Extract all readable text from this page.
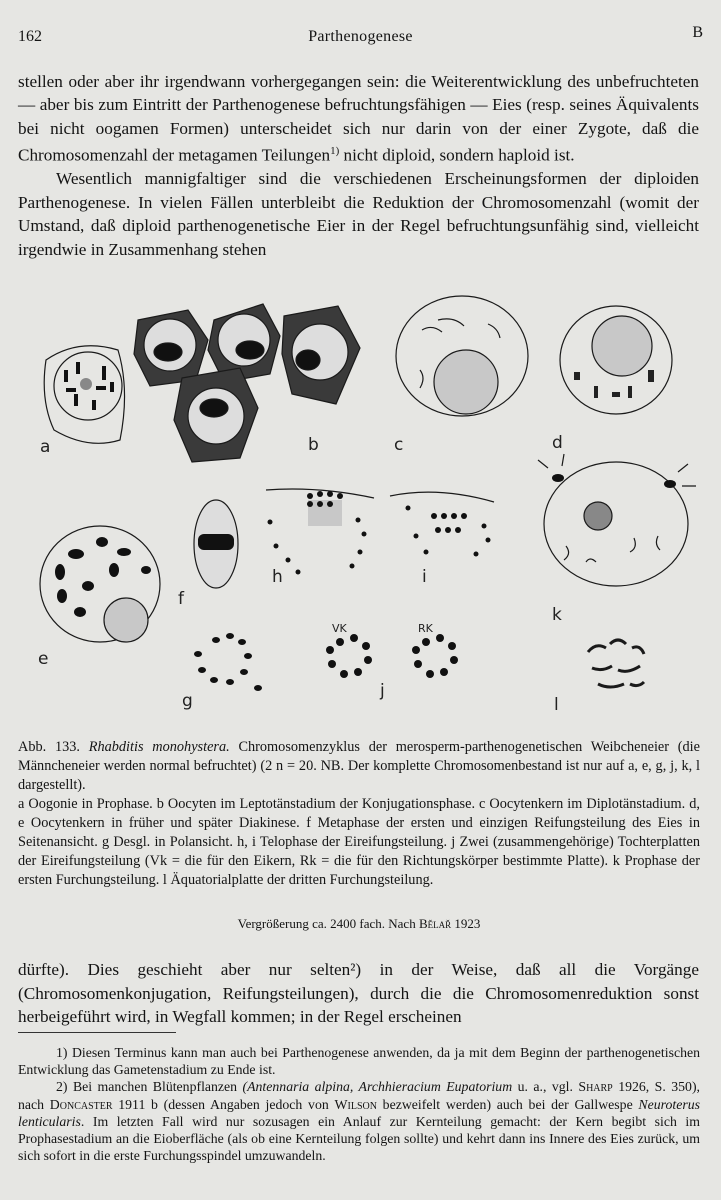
162	Parthenogenese	B

stellen oder aber ihr irgendwann vorhergegangen sein: die Weiterentwicklung des unbefruchteten — aber bis zum Eintritt der Parthenogenese befruchtungsfähigen — Eies (resp. seines Äquivalents bei nicht oogamen Formen) unterscheidet sich nur darin von der einer Zygote, daß die Chromosomenzahl der metagamen Teilungen$^{1)}$ nicht diploid, sondern haploid ist.

Wesentlich mannigfaltiger sind die verschiedenen Erscheinungsformen der diploiden Parthenogenese. In vielen Fällen unterbleibt die Reduktion der Chromosomenzahl (womit der Umstand, daß diploid parthenogenetische Eier in der Regel befruchtungsunfähig sind, vielleicht irgendwie in Zusammenhang stehen

a	b	c	d
e
f
g
h	i
j
k
l
VK	RK

Abb. 133. Rhabditis monohystera. Chromosomenzyklus der merosperm-parthenogenetischen Weibcheneier (die Männcheneier werden normal befruchtet) (2 n = 20. NB. Der komplette Chromosomenbestand ist nur auf a, e, g, j, k, l dargestellt).

a Oogonie in Prophase. b Oocyten im Leptotänstadium der Konjugationsphase. c Oocytenkern im Diplotänstadium. d, e Oocytenkern in früher und später Diakinese. f Metaphase der ersten und einzigen Reifungsteilung des Eies in Seitenansicht. g Desgl. in Polansicht. h, i Telophase der Eireifungsteilung. j Zwei (zusammengehörige) Tochterplatten der Eireifungsteilung (Vk = die für den Eikern, Rk = die für den Richtungskörper bestimmte Platte). k Prophase der ersten Furchungsteilung. l Äquatorialplatte der dritten Furchungsteilung.

Vergrößerung ca. 2400 fach. Nach Bělař 1923
dürfte). Dies geschieht aber nur selten²) in der Weise, daß all die Vorgänge (Chromosomenkonjugation, Reifungsteilungen), durch die die Chromosomenreduktion sonst herbeigeführt wird, in Wegfall kommen; in der Regel erscheinen

1) Diesen Terminus kann man auch bei Parthenogenese anwenden, da ja mit dem Beginn der parthenogenetischen Entwicklung das Gametenstadium zu Ende ist.

2) Bei manchen Blütenpflanzen (Antennaria alpina, Archhieracium Eupatorium u. a., vgl. Sharp 1926, S. 350), nach Doncaster 1911 b (dessen Angaben jedoch von Wilson bezweifelt werden) auch bei der Gallwespe Neuroterus lenticularis. Im letzten Fall wird nur sozusagen ein Anlauf zur Kernteilung gemacht: der Kern begibt sich im Prophasestadium an die Eioberfläche (als ob eine Kernteilung folgen sollte) und kehrt dann ins Innere des Eies zurück, um sich sofort in die erste Furchungsspindel umzuwandeln.
